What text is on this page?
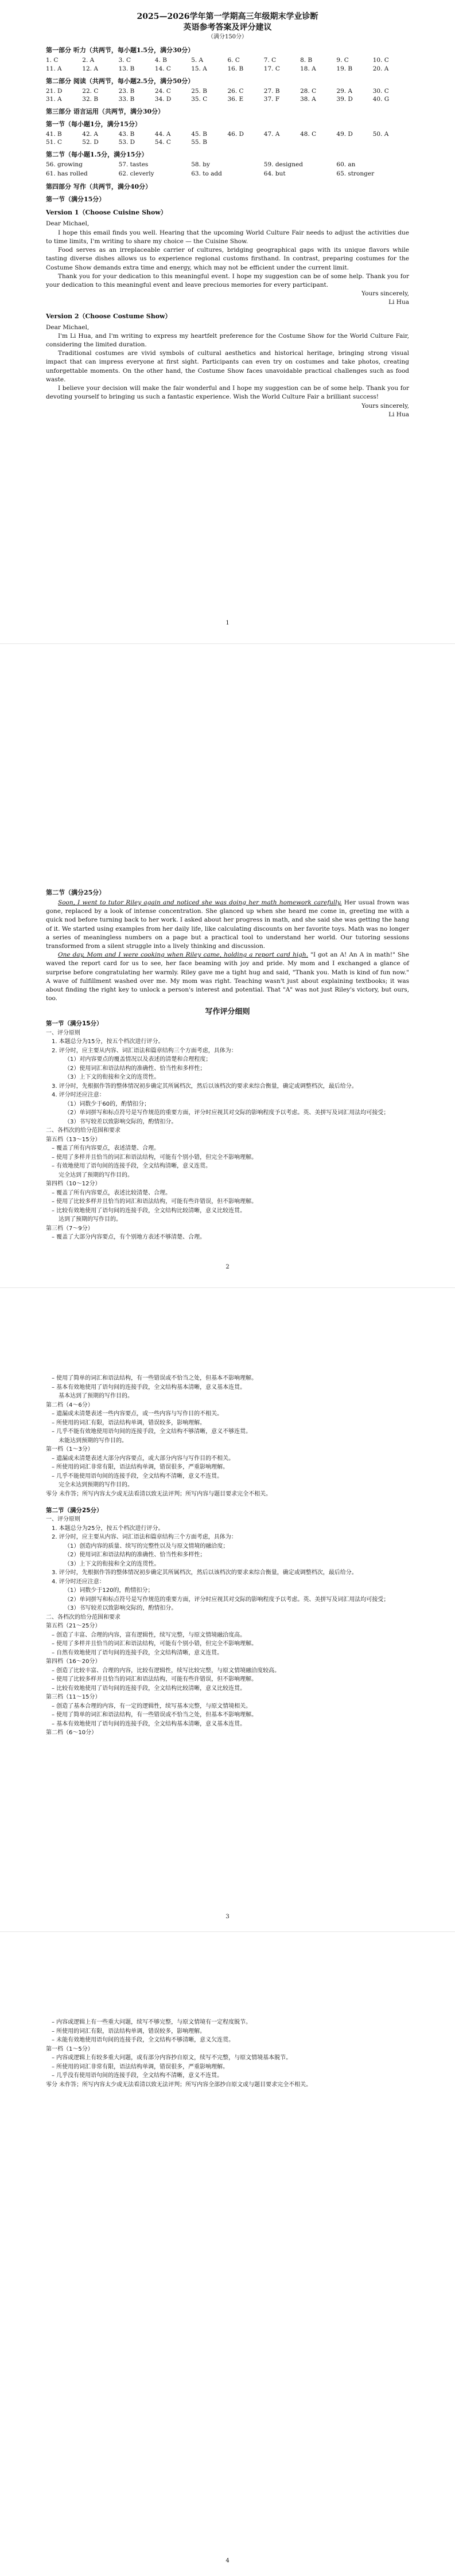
2025—2026学年第一学期高三年级期末学业诊断
英语参考答案及评分建议
（满分150分）
第一部分 听力（共两节，每小题1.5分，满分30分）
1. C	2. A	3. C	4. B	5. A	6. C	7. C	8. B	9. C	10. C
11. A	12. A	13. B	14. C	15. A	16. B	17. C	18. A	19. B	20. A
第二部分 阅读（共两节，每小题2.5分，满分50分）
21. D	22. C	23. B	24. C	25. B	26. C	27. B	28. C	29. A	30. C
31. A	32. B	33. B	34. D	35. C	36. E	37. F	38. A	39. D	40. G
第三部分 语言运用（共两节，满分30分）
第一节（每小题1分，满分15分）
41. B	42. A	43. B	44. A	45. B	46. D	47. A	48. C	49. D	50. A
51. C	52. D	53. D	54. C	55. B
第二节（每小题1.5分，满分15分）
56. growing	57. tastes	58. by	59. designed	60. an
61. has rolled	62. cleverly	63. to add	64. but	65. stronger
第四部分 写作（共两节，满分40分）
第一节（满分15分）
Version 1（Choose Cuisine Show）

Dear Michael,

I hope this email finds you well. Hearing that the upcoming World Culture Fair needs to adjust the activities due to time limits, I'm writing to share my choice — the Cuisine Show.

Food serves as an irreplaceable carrier of cultures, bridging geographical gaps with its unique flavors while tasting diverse dishes allows us to experience regional customs firsthand. In contrast, preparing costumes for the Costume Show demands extra time and energy, which may not be efficient under the current limit.

Thank you for your dedication to this meaningful event. I hope my suggestion can be of some help. Thank you for your dedication to this meaningful event and leave precious memories for every participant.

Yours sincerely,
Li Hua
Version 2（Choose Costume Show）

Dear Michael,

I'm Li Hua, and I'm writing to express my heartfelt preference for the Costume Show for the World Culture Fair, considering the limited duration.

Traditional costumes are vivid symbols of cultural aesthetics and historical heritage, bringing strong visual impact that can impress everyone at first sight. Participants can even try on costumes and take photos, creating unforgettable moments. On the other hand, the Costume Show faces unavoidable practical challenges such as food waste.

I believe your decision will make the fair wonderful and I hope my suggestion can be of some help. Thank you for devoting yourself to bringing us such a fantastic experience. Wish the World Culture Fair a brilliant success!

Yours sincerely,
Li Hua
1
第二节（满分25分）

Soon, I went to tutor Riley again and noticed she was doing her math homework carefully. Her usual frown was gone, replaced by a look of intense concentration. She glanced up when she heard me come in, greeting me with a quick nod before turning back to her work. I asked about her progress in math, and she said she was getting the hang of it. We started using examples from her daily life, like calculating discounts on her favorite toys. Math was no longer a series of meaningless numbers on a page but a practical tool to understand her world. Our tutoring sessions transformed from a silent struggle into a lively thinking and discussion.

One day, Mom and I were cooking when Riley came, holding a report card high. "I got an A! An A in math!" She waved the report card for us to see, her face beaming with joy and pride. My mom and I exchanged a glance of surprise before congratulating her warmly. Riley gave me a tight hug and said, "Thank you. Math is kind of fun now." A wave of fulfillment washed over me. My mom was right. Teaching wasn't just about explaining textbooks; it was about finding the right key to unlock a person's interest and potential. That "A" was not just Riley's victory, but ours, too.

写作评分细则
第一节（满分15分）
一、评分原则
1. 本题总分为15分，按五个档次进行评分。
2. 评分时，应主要从内容、词汇语法和篇章结构三个方面考虑，具体为：
（1）对内容要点的覆盖情况以及表述的清楚和合理程度；
（2）使用词汇和语法结构的准确性、恰当性和多样性；
（3）上下文的衔接和全文的连贯性。
3. 评分时，先根据作答的整体情况初步确定其所属档次，然后以该档次的要求来综合衡量，确定或调整档次，最后给分。
4. 评分时还应注意：
（1）词数少于60的，酌情扣分；
（2）单词拼写和标点符号是写作规范的重要方面，评分时应视其对交际的影响程度予以考虑。英、美拼写及词汇用法均可接受；
（3）书写较差以致影响交际的，酌情扣分。
二、各档次的给分范围和要求
第五档（13～15分）
– 覆盖了所有内容要点，表述清楚、合理。
– 使用了多样并且恰当的词汇和语法结构，可能有个别小错，但完全不影响理解。
– 有效地使用了语句间的连接手段，全文结构清晰，意义连贯。
完全达到了预期的写作目的。
第四档（10～12分）
– 覆盖了所有内容要点，表述比较清楚、合理。
– 使用了比较多样并且恰当的词汇和语法结构，可能有些许错误，但不影响理解。
– 比较有效地使用了语句间的连接手段，全文结构比较清晰，意义比较连贯。
达到了预期的写作目的。
第三档（7～9分）
– 覆盖了大部分内容要点，有个别地方表述不够清楚、合理。
2
– 使用了简单的词汇和语法结构，有一些错误或不恰当之处，但基本不影响理解。
– 基本有效地使用了语句间的连接手段，全文结构基本清晰，意义基本连贯。
基本达到了预期的写作目的。
第二档（4～6分）
– 遗漏或未清楚表述一些内容要点，或一些内容与写作目的不相关。
– 所使用的词汇有限，语法结构单调，错误较多，影响理解。
– 几乎不能有效地使用语句间的连接手段，全文结构不够清晰，意义不够连贯。
未能达到预期的写作目的。
第一档（1～3分）
– 遗漏或未清楚表述大部分内容要点，或大部分内容与写作目的不相关。
– 所使用的词汇非常有限，语法结构单调，错误很多，严重影响理解。
– 几乎不能使用语句间的连接手段，全文结构不清晰，意义不连贯。
完全未达到预期的写作目的。
零分 未作答；所写内容太少或无法看清以致无法评判；所写内容与题目要求完全不相关。
第二节（满分25分）
一、评分原则
1. 本题总分为25分，按五个档次进行评分。
2. 评分时，应主要从内容、词汇语法和篇章结构三个方面考虑，具体为：
（1）创造内容的质量、续写的完整性以及与原文情境的融洽度；
（2）使用词汇和语法结构的准确性、恰当性和多样性；
（3）上下文的衔接和全文的连贯性。
3. 评分时，先根据作答的整体情况初步确定其所属档次，然后以该档次的要求来综合衡量，确定或调整档次，最后给分。
4. 评分时还应注意：
（1）词数少于120的，酌情扣分；
（2）单词拼写和标点符号是写作规范的重要方面，评分时应视其对交际的影响程度予以考虑。英、美拼写及词汇用法均可接受；
（3）书写较差以致影响交际的，酌情扣分。
二、各档次的给分范围和要求
第五档（21～25分）
– 创造了丰富、合理的内容，富有逻辑性，续写完整，与原文情境融洽度高。
– 使用了多样并且恰当的词汇和语法结构，可能有个别小错，但完全不影响理解。
– 自然有效地使用了语句间的连接手段，全文结构清晰，意义连贯。
第四档（16～20分）
– 创造了比较丰富、合理的内容，比较有逻辑性，续写比较完整，与原文情境融洽度较高。
– 使用了比较多样并且恰当的词汇和语法结构，可能有些许错误，但不影响理解。
– 比较有效地使用了语句间的连接手段，全文结构比较清晰，意义比较连贯。
第三档（11～15分）
– 创造了基本合理的内容，有一定的逻辑性，续写基本完整，与原文情境相关。
– 使用了简单的词汇和语法结构，有一些错误或不恰当之处，但基本不影响理解。
– 基本有效地使用了语句间的连接手段，全文结构基本清晰，意义基本连贯。
第二档（6～10分）
3
– 内容或逻辑上有一些重大问题，续写不够完整，与原文情境有一定程度脱节。
– 所使用的词汇有限，语法结构单调，错误较多，影响理解。
– 未能有效地使用语句间的连接手段，全文结构不够清晰，意义欠连贯。
第一档（1～5分）
– 内容或逻辑上有较多重大问题，或有部分内容抄自原文，续写不完整，与原文情境基本脱节。
– 所使用的词汇非常有限，语法结构单调，错误很多，严重影响理解。
– 几乎没有使用语句间的连接手段，全文结构不清晰，意义不连贯。
零分 未作答；所写内容太少或无法看清以致无法评判；所写内容全部抄自原文或与题目要求完全不相关。
4
